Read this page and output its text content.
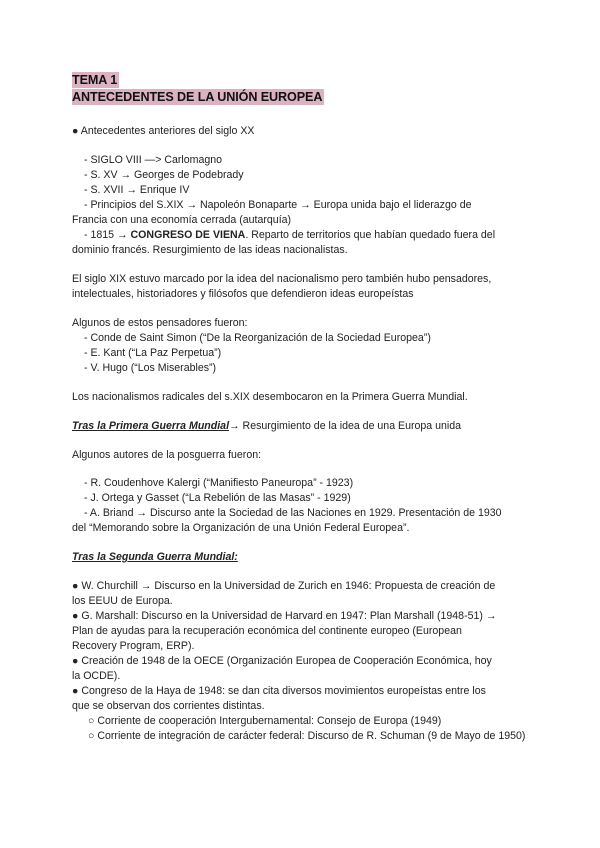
TEMA 1
ANTECEDENTES DE LA UNIÓN EUROPEA
● Antecedentes anteriores del siglo XX
- SIGLO VIII —> Carlomagno
- S. XV → Georges de Podebrady
- S. XVII → Enrique IV
- Principios del S.XIX → Napoleón Bonaparte → Europa unida bajo el liderazgo de
Francia con una economía cerrada (autarquía)
- 1815 → CONGRESO DE VIENA. Reparto de territorios que habían quedado fuera del
dominio francés. Resurgimiento de las ideas nacionalistas.
El siglo XIX estuvo marcado por la idea del nacionalismo pero también hubo pensadores,
intelectuales, historiadores y filósofos que defendieron ideas europeístas
Algunos de estos pensadores fueron:
- Conde de Saint Simon (“De la Reorganización de la Sociedad Europea”)
- E. Kant (“La Paz Perpetua”)
- V. Hugo (“Los Miserables”)
Los nacionalismos radicales del s.XIX desembocaron en la Primera Guerra Mundial.
Tras la Primera Guerra Mundial→ Resurgimiento de la idea de una Europa unida
Algunos autores de la posguerra fueron:
- R. Coudenhove Kalergi (“Manifiesto Paneuropa” - 1923)
- J. Ortega y Gasset (“La Rebelión de las Masas” - 1929)
- A. Briand → Discurso ante la Sociedad de las Naciones en 1929. Presentación de 1930
del “Memorando sobre la Organización de una Unión Federal Europea”.
Tras la Segunda Guerra Mundial:
● W. Churchill → Discurso en la Universidad de Zurich en 1946: Propuesta de creación de
los EEUU de Europa.
● G. Marshall: Discurso en la Universidad de Harvard en 1947: Plan Marshall (1948-51) →
Plan de ayudas para la recuperación económica del continente europeo (European
Recovery Program, ERP).
● Creación de 1948 de la OECE (Organización Europea de Cooperación Económica, hoy
la OCDE).
● Congreso de la Haya de 1948: se dan cita diversos movimientos europeístas entre los
que se observan dos corrientes distintas.
○ Corriente de cooperación Intergubernamental: Consejo de Europa (1949)
○ Corriente de integración de carácter federal: Discurso de R. Schuman (9 de Mayo de 1950)
